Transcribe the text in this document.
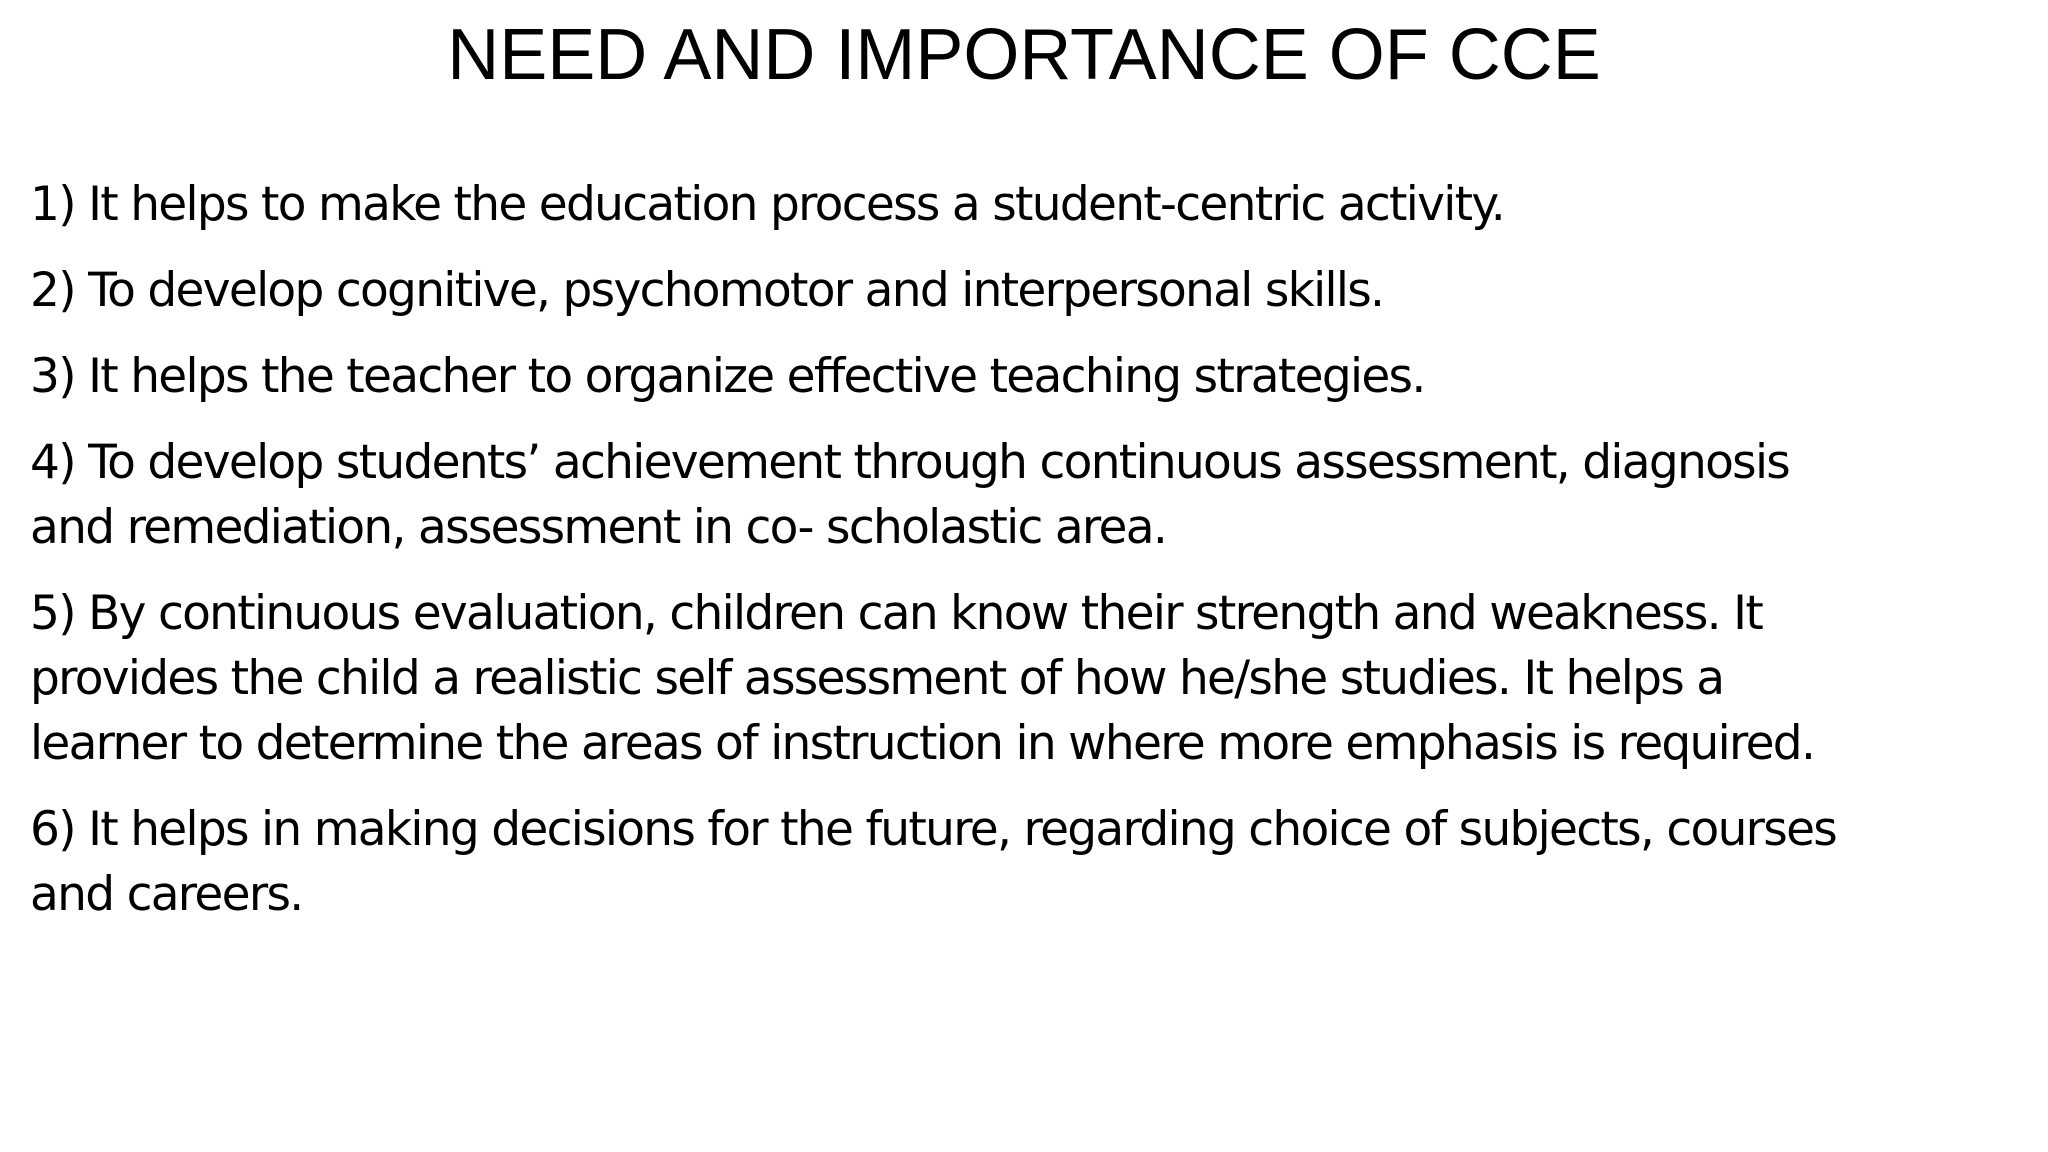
NEED AND IMPORTANCE OF CCE
1) It helps to make the education process a student-centric activity.
2) To develop cognitive, psychomotor and interpersonal skills.
3) It helps the teacher to organize effective teaching strategies.
4) To develop students’ achievement through continuous assessment, diagnosis
and remediation, assessment in co- scholastic area.
5) By continuous evaluation, children can know their strength and weakness. It
provides the child a realistic self assessment of how he/she studies. It helps a
learner to determine the areas of instruction in where more emphasis is required.
6) It helps in making decisions for the future, regarding choice of subjects, courses
and careers.
